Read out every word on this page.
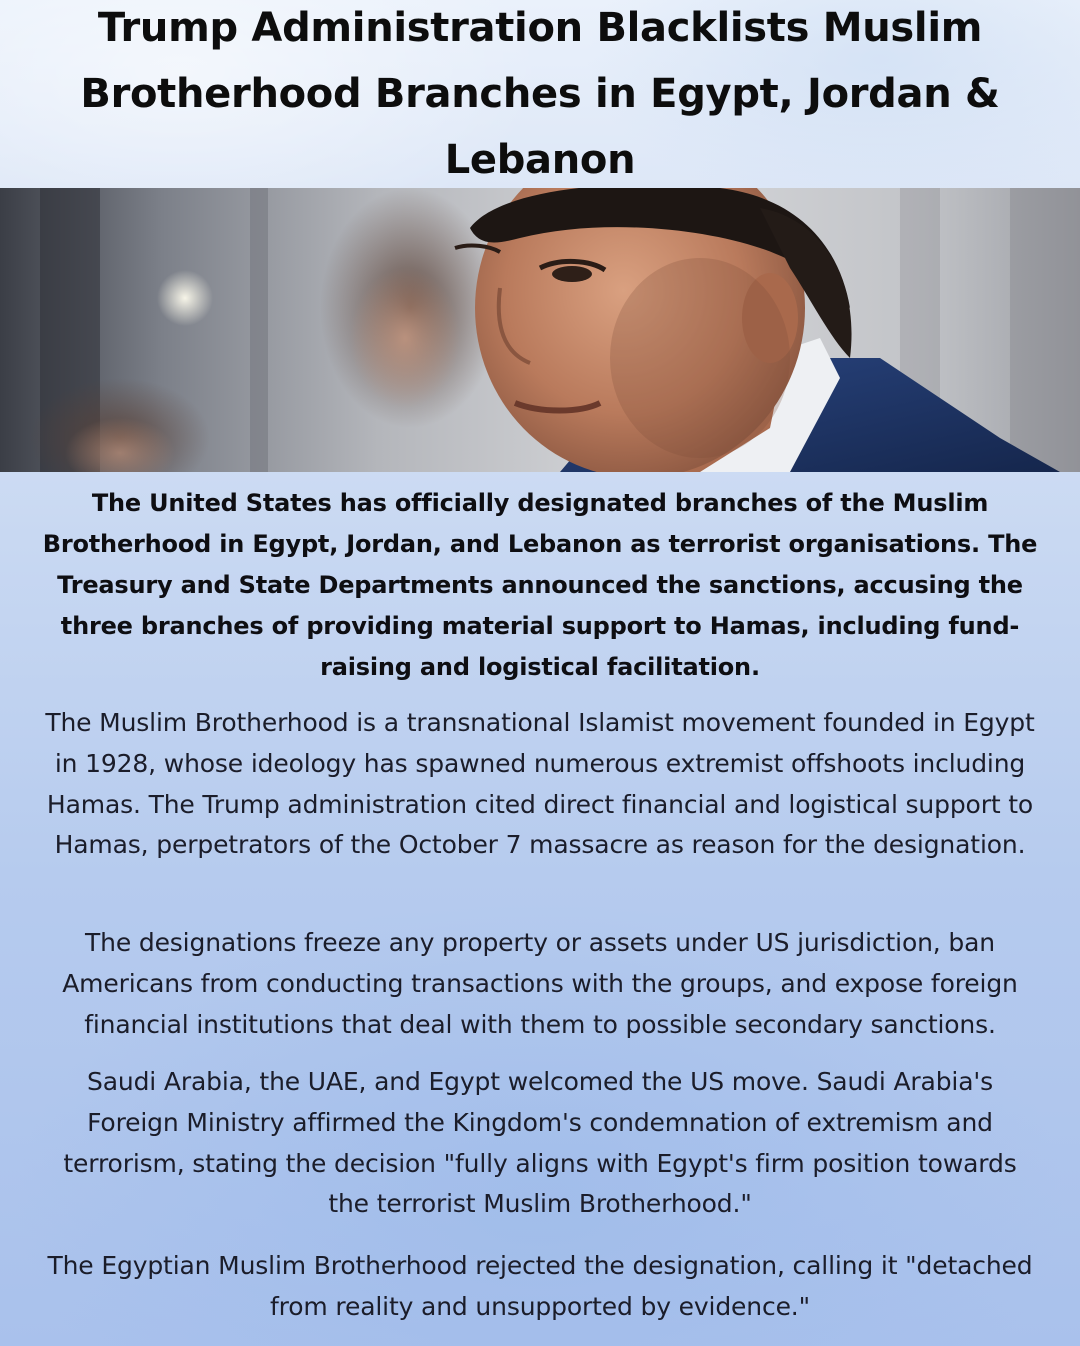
Trump Administration Blacklists Muslim Brotherhood Branches in Egypt, Jordan & Lebanon

The United States has officially designated branches of the Muslim Brotherhood in Egypt, Jordan, and Lebanon as terrorist organisations. The Treasury and State Departments announced the sanctions, accusing the three branches of providing material support to Hamas, including fund-raising and logistical facilitation.

The Muslim Brotherhood is a transnational Islamist movement founded in Egypt in 1928, whose ideology has spawned numerous extremist offshoots including Hamas. The Trump administration cited direct financial and logistical support to Hamas, perpetrators of the October 7 massacre as reason for the designation.

The designations freeze any property or assets under US jurisdiction, ban Americans from conducting transactions with the groups, and expose foreign financial institutions that deal with them to possible secondary sanctions.

Saudi Arabia, the UAE, and Egypt welcomed the US move. Saudi Arabia's Foreign Ministry affirmed the Kingdom's condemnation of extremism and terrorism, stating the decision "fully aligns with Egypt's firm position towards the terrorist Muslim Brotherhood."

The Egyptian Muslim Brotherhood rejected the designation, calling it "detached from reality and unsupported by evidence."
